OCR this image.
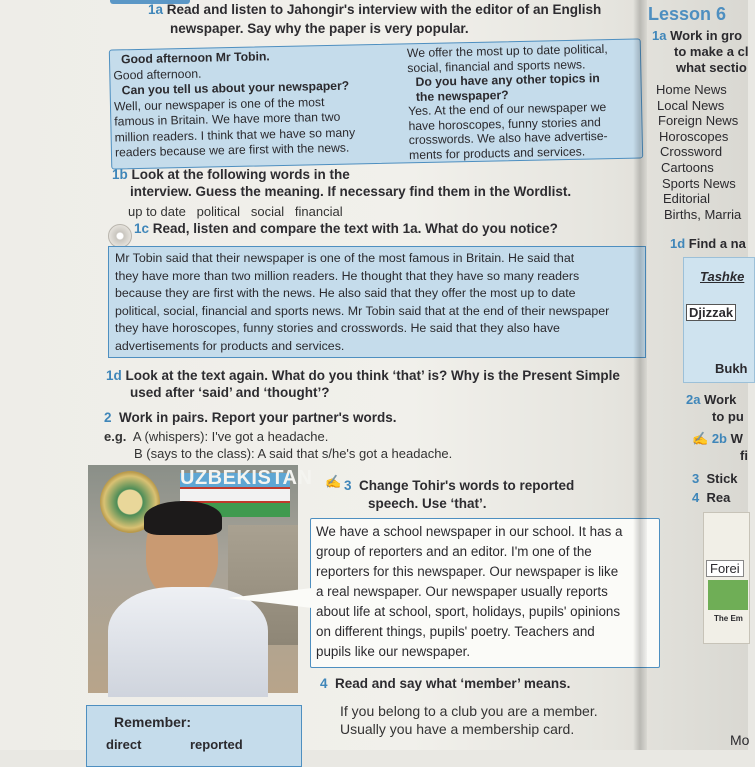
1a Read and listen to Jahongir's interview with the editor of an English
newspaper. Say why the paper is very popular.
Good afternoon Mr Tobin.
Good afternoon.
Can you tell us about your newspaper?
Well, our newspaper is one of the most
famous in Britain. We have more than two
million readers. I think that we have so many
readers because we are first with the news.
We offer the most up to date political,
social, financial and sports news.
Do you have any other topics in
the newspaper?
Yes. At the end of our newspaper we
have horoscopes, funny stories and
crosswords. We also have advertise-
ments for products and services.
1b Look at the following words in the
interview. Guess the meaning. If necessary find them in the Wordlist.
up to date   political   social   financial
1c Read, listen and compare the text with 1a. What do you notice?
Mr Tobin said that their newspaper is one of the most famous in Britain. He said that
they have more than two million readers. He thought that they have so many readers
because they are first with the news. He also said that they offer the most up to date
political, social, financial and sports news. Mr Tobin said that at the end of their newspaper
they have horoscopes, funny stories and crosswords. He said that they also have
advertisements for products and services.
1d Look at the text again. What do you think ‘that’ is? Why is the Present Simple
used after ‘said’ and ‘thought’?
2 Work in pairs. Report your partner's words.
e.g. A (whispers): I've got a headache.
B (says to the class): A said that s/he's got a headache.
UZBEKISTAN ✍ 3 Change Tohir's words to reported
speech. Use ‘that’.
We have a school newspaper in our school. It has a
group of reporters and an editor. I'm one of the
reporters for this newspaper. Our newspaper is like
a real newspaper. Our newspaper usually reports
about life at school, sport, holidays, pupils' opinions
on different things, pupils' poetry. Teachers and
pupils like our newspaper.
4 Read and say what ‘member’ means.
If you belong to a club you are a member.
Usually you have a membership card.
Remember:
direct	reported
Lesson 6
1a Work in gro
to make a cl
what sectio
Home News
Local News
Foreign News
Horoscopes
Crossword
Cartoons
Sports News
Editorial
Births, Marria
1d Find a na
Tashke
Djizzak
Bukh
2a Work
to pu
✍ 2b W
fi
3 Stick
4 Rea
Forei
The Em
Mo
